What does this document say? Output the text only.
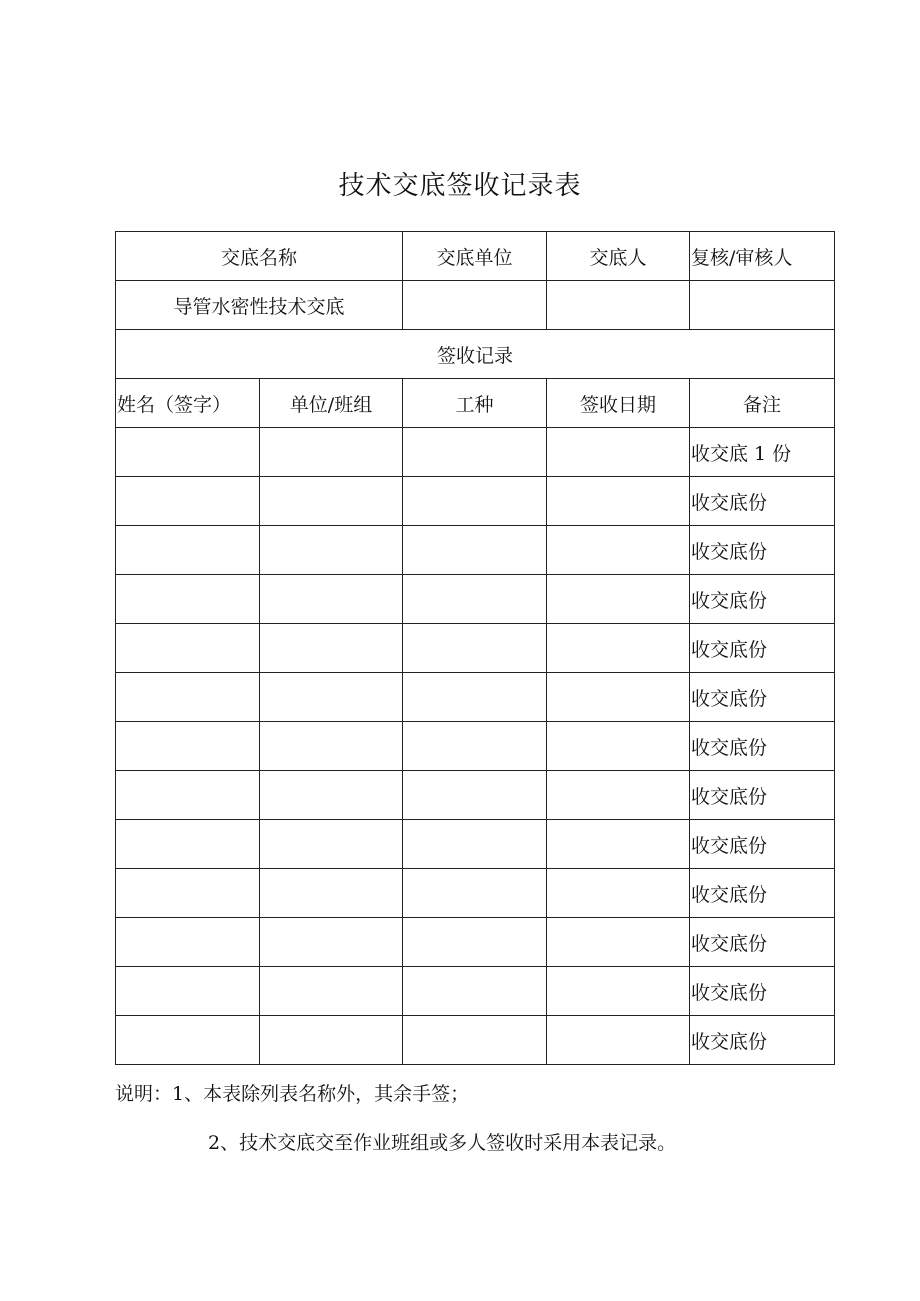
技术交底签收记录表
交底名称		交底单位	交底人	复核/审核人
导管水密性技术交底				
签收记录				
姓名（签字）	单位/班组	工种	签收日期	备注
				收交底 1 份
				收交底份
				收交底份
				收交底份
				收交底份
				收交底份
				收交底份
				收交底份
				收交底份
				收交底份
				收交底份
				收交底份
				收交底份
说明：1、本表除列表名称外，其余手签；
2、技术交底交至作业班组或多人签收时采用本表记录。
